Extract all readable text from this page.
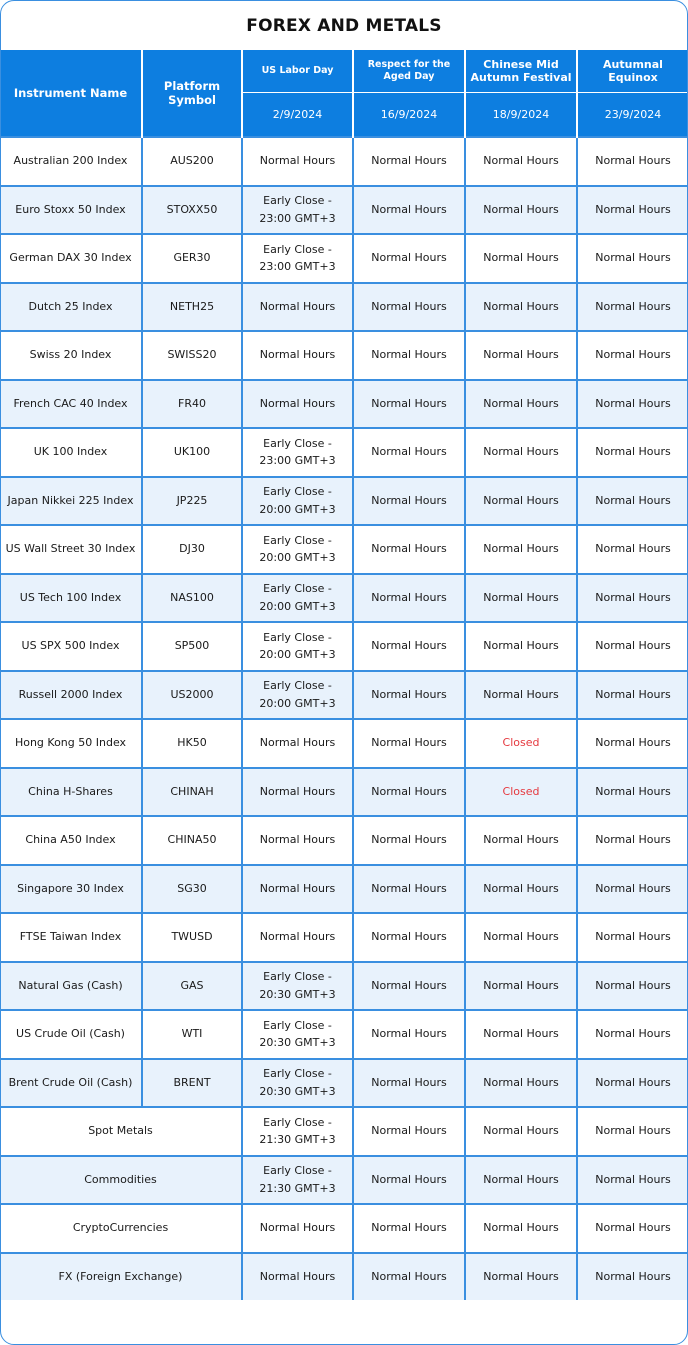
FOREX AND METALS
Instrument Name	Platform Symbol	US Labor Day	Respect for the Aged Day	Chinese Mid Autumn Festival	Autumnal Equinox
		2/9/2024	16/9/2024	18/9/2024	23/9/2024
Australian 200 Index	AUS200	Normal Hours	Normal Hours	Normal Hours	Normal Hours
Euro Stoxx 50 Index	STOXX50	Early Close - 23:00 GMT+3	Normal Hours	Normal Hours	Normal Hours
German DAX 30 Index	GER30	Early Close - 23:00 GMT+3	Normal Hours	Normal Hours	Normal Hours
Dutch 25 Index	NETH25	Normal Hours	Normal Hours	Normal Hours	Normal Hours
Swiss 20 Index	SWISS20	Normal Hours	Normal Hours	Normal Hours	Normal Hours
French CAC 40 Index	FR40	Normal Hours	Normal Hours	Normal Hours	Normal Hours
UK 100 Index	UK100	Early Close - 23:00 GMT+3	Normal Hours	Normal Hours	Normal Hours
Japan Nikkei 225 Index	JP225	Early Close - 20:00 GMT+3	Normal Hours	Normal Hours	Normal Hours
US Wall Street 30 Index	DJ30	Early Close - 20:00 GMT+3	Normal Hours	Normal Hours	Normal Hours
US Tech 100 Index	NAS100	Early Close - 20:00 GMT+3	Normal Hours	Normal Hours	Normal Hours
US SPX 500 Index	SP500	Early Close - 20:00 GMT+3	Normal Hours	Normal Hours	Normal Hours
Russell 2000 Index	US2000	Early Close - 20:00 GMT+3	Normal Hours	Normal Hours	Normal Hours
Hong Kong 50 Index	HK50	Normal Hours	Normal Hours	Closed	Normal Hours
China H-Shares	CHINAH	Normal Hours	Normal Hours	Closed	Normal Hours
China A50 Index	CHINA50	Normal Hours	Normal Hours	Normal Hours	Normal Hours
Singapore 30 Index	SG30	Normal Hours	Normal Hours	Normal Hours	Normal Hours
FTSE Taiwan Index	TWUSD	Normal Hours	Normal Hours	Normal Hours	Normal Hours
Natural Gas (Cash)	GAS	Early Close - 20:30 GMT+3	Normal Hours	Normal Hours	Normal Hours
US Crude Oil (Cash)	WTI	Early Close - 20:30 GMT+3	Normal Hours	Normal Hours	Normal Hours
Brent Crude Oil (Cash)	BRENT	Early Close - 20:30 GMT+3	Normal Hours	Normal Hours	Normal Hours
Spot Metals		Early Close - 21:30 GMT+3	Normal Hours	Normal Hours	Normal Hours
Commodities		Early Close - 21:30 GMT+3	Normal Hours	Normal Hours	Normal Hours
CryptoCurrencies		Normal Hours	Normal Hours	Normal Hours	Normal Hours
FX (Foreign Exchange)		Normal Hours	Normal Hours	Normal Hours	Normal Hours
